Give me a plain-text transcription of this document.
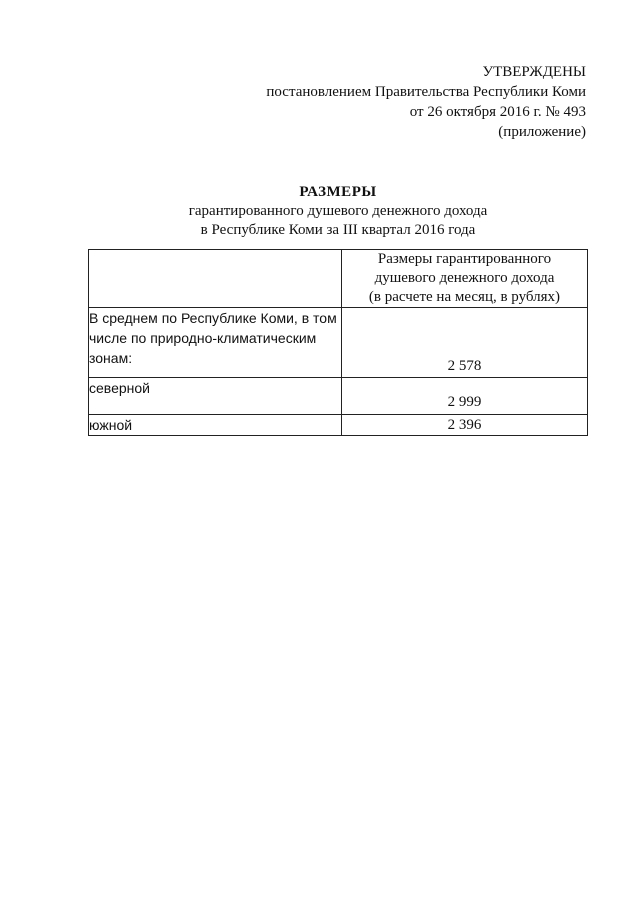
УТВЕРЖДЕНЫ
постановлением Правительства Республики Коми
от 26 октября 2016 г. № 493
(приложение)
РАЗМЕРЫ
гарантированного душевого денежного дохода
в Республике Коми за III квартал 2016 года

	Размеры гарантированного
душевого денежного дохода
(в расчете на месяц, в рублях)

В среднем по Республике Коми, в том
числе по природно-климатическим
зонам:	2 578

северной	2 999

южной	2 396
